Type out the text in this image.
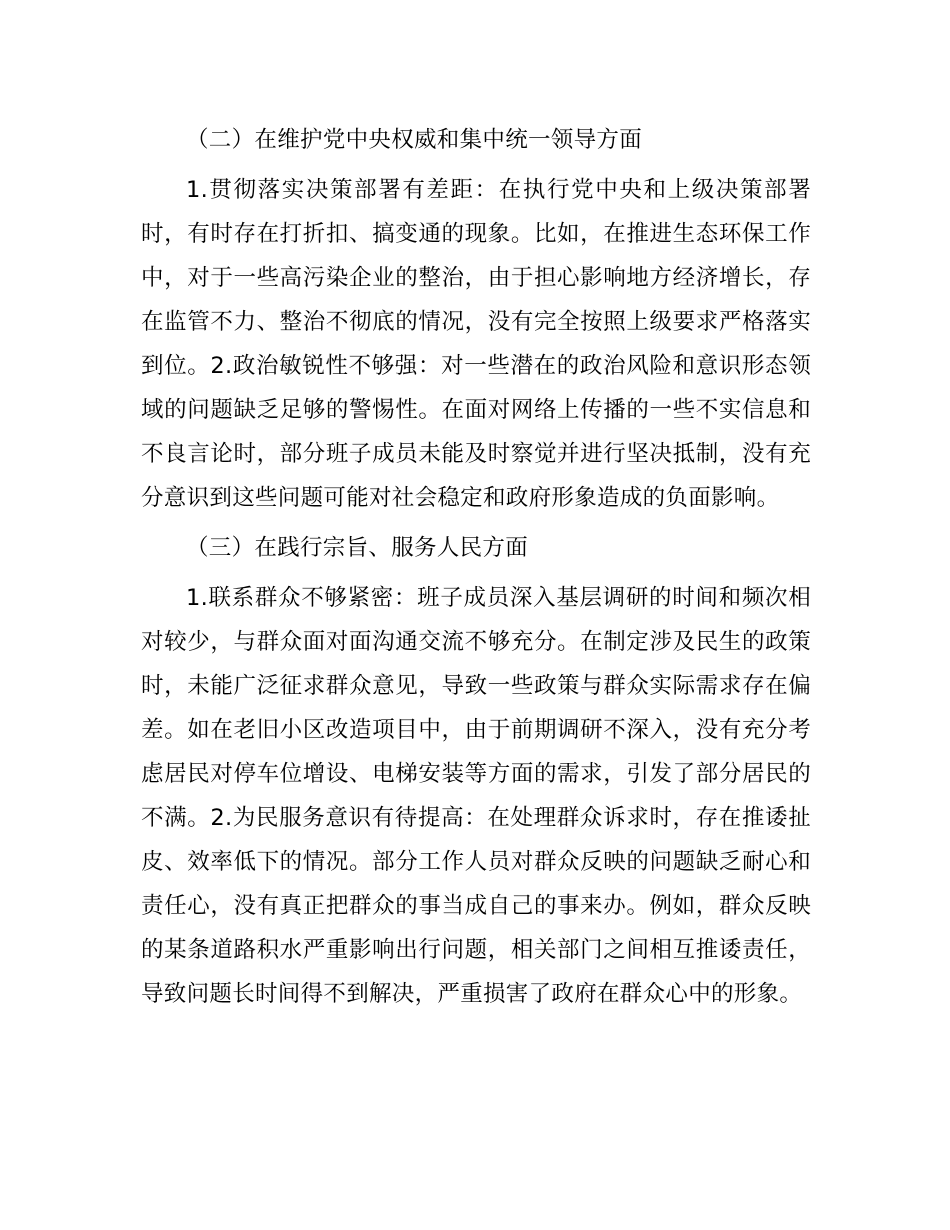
（二）在维护党中央权威和集中统一领导方面

1.贯彻落实决策部署有差距：在执行党中央和上级决策部署时，有时存在打折扣、搞变通的现象。比如，在推进生态环保工作中，对于一些高污染企业的整治，由于担心影响地方经济增长，存在监管不力、整治不彻底的情况，没有完全按照上级要求严格落实到位。2.政治敏锐性不够强：对一些潜在的政治风险和意识形态领域的问题缺乏足够的警惕性。在面对网络上传播的一些不实信息和不良言论时，部分班子成员未能及时察觉并进行坚决抵制，没有充分意识到这些问题可能对社会稳定和政府形象造成的负面影响。

（三）在践行宗旨、服务人民方面

1.联系群众不够紧密：班子成员深入基层调研的时间和频次相对较少，与群众面对面沟通交流不够充分。在制定涉及民生的政策时，未能广泛征求群众意见，导致一些政策与群众实际需求存在偏差。如在老旧小区改造项目中，由于前期调研不深入，没有充分考虑居民对停车位增设、电梯安装等方面的需求，引发了部分居民的不满。2.为民服务意识有待提高：在处理群众诉求时，存在推诿扯皮、效率低下的情况。部分工作人员对群众反映的问题缺乏耐心和责任心，没有真正把群众的事当成自己的事来办。例如，群众反映的某条道路积水严重影响出行问题，相关部门之间相互推诿责任，导致问题长时间得不到解决，严重损害了政府在群众心中的形象。
